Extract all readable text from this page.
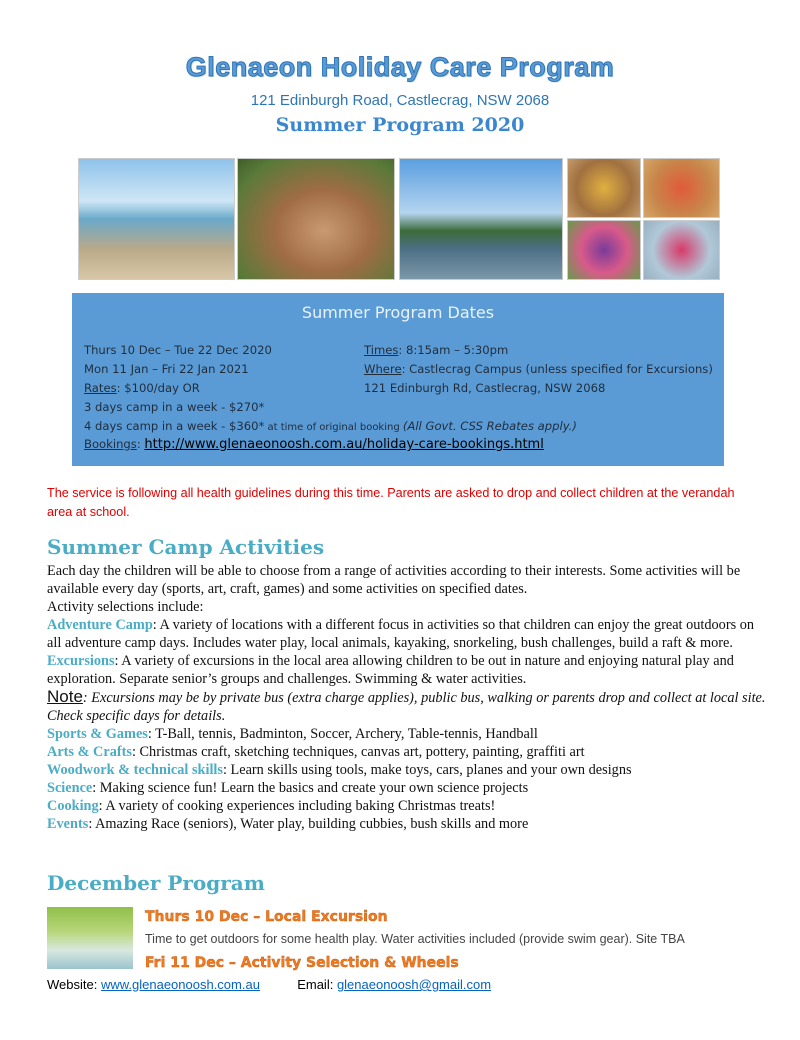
Glenaeon Holiday Care Program
121 Edinburgh Road, Castlecrag, NSW 2068
Summer Program 2020
Summer Program Dates
Thurs 10 Dec – Tue 22 Dec 2020
Mon 11 Jan – Fri 22 Jan 2021
Rates: $100/day OR
3 days camp in a week - $270*
4 days camp in a week - $360* at time of original booking (All Govt. CSS Rebates apply.)
Bookings: http://www.glenaeonoosh.com.au/holiday-care-bookings.html
Times: 8:15am – 5:30pm
Where: Castlecrag Campus (unless specified for Excursions)
121 Edinburgh Rd, Castlecrag, NSW 2068
The service is following all health guidelines during this time. Parents are asked to drop and collect children at the verandah area at school.
Summer Camp Activities
Each day the children will be able to choose from a range of activities according to their interests. Some activities will be available every day (sports, art, craft, games) and some activities on specified dates.
Activity selections include:
Adventure Camp: A variety of locations with a different focus in activities so that children can enjoy the great outdoors on all adventure camp days. Includes water play, local animals, kayaking, snorkeling, bush challenges, build a raft & more.
Excursions: A variety of excursions in the local area allowing children to be out in nature and enjoying natural play and exploration. Separate senior’s groups and challenges. Swimming & water activities.
Note: Excursions may be by private bus (extra charge applies), public bus, walking or parents drop and collect at local site. Check specific days for details.
Sports & Games: T-Ball, tennis, Badminton, Soccer, Archery, Table-tennis, Handball
Arts & Crafts: Christmas craft, sketching techniques, canvas art, pottery, painting, graffiti art
Woodwork & technical skills: Learn skills using tools, make toys, cars, planes and your own designs
Science: Making science fun! Learn the basics and create your own science projects
Cooking: A variety of cooking experiences including baking Christmas treats!
Events: Amazing Race (seniors), Water play, building cubbies, bush skills and more
December Program
Thurs 10 Dec – Local Excursion
Time to get outdoors for some health play. Water activities included (provide swim gear). Site TBA
Fri 11 Dec – Activity Selection & Wheels
Website: www.glenaeonoosh.com.au	Email: glenaeonoosh@gmail.com
